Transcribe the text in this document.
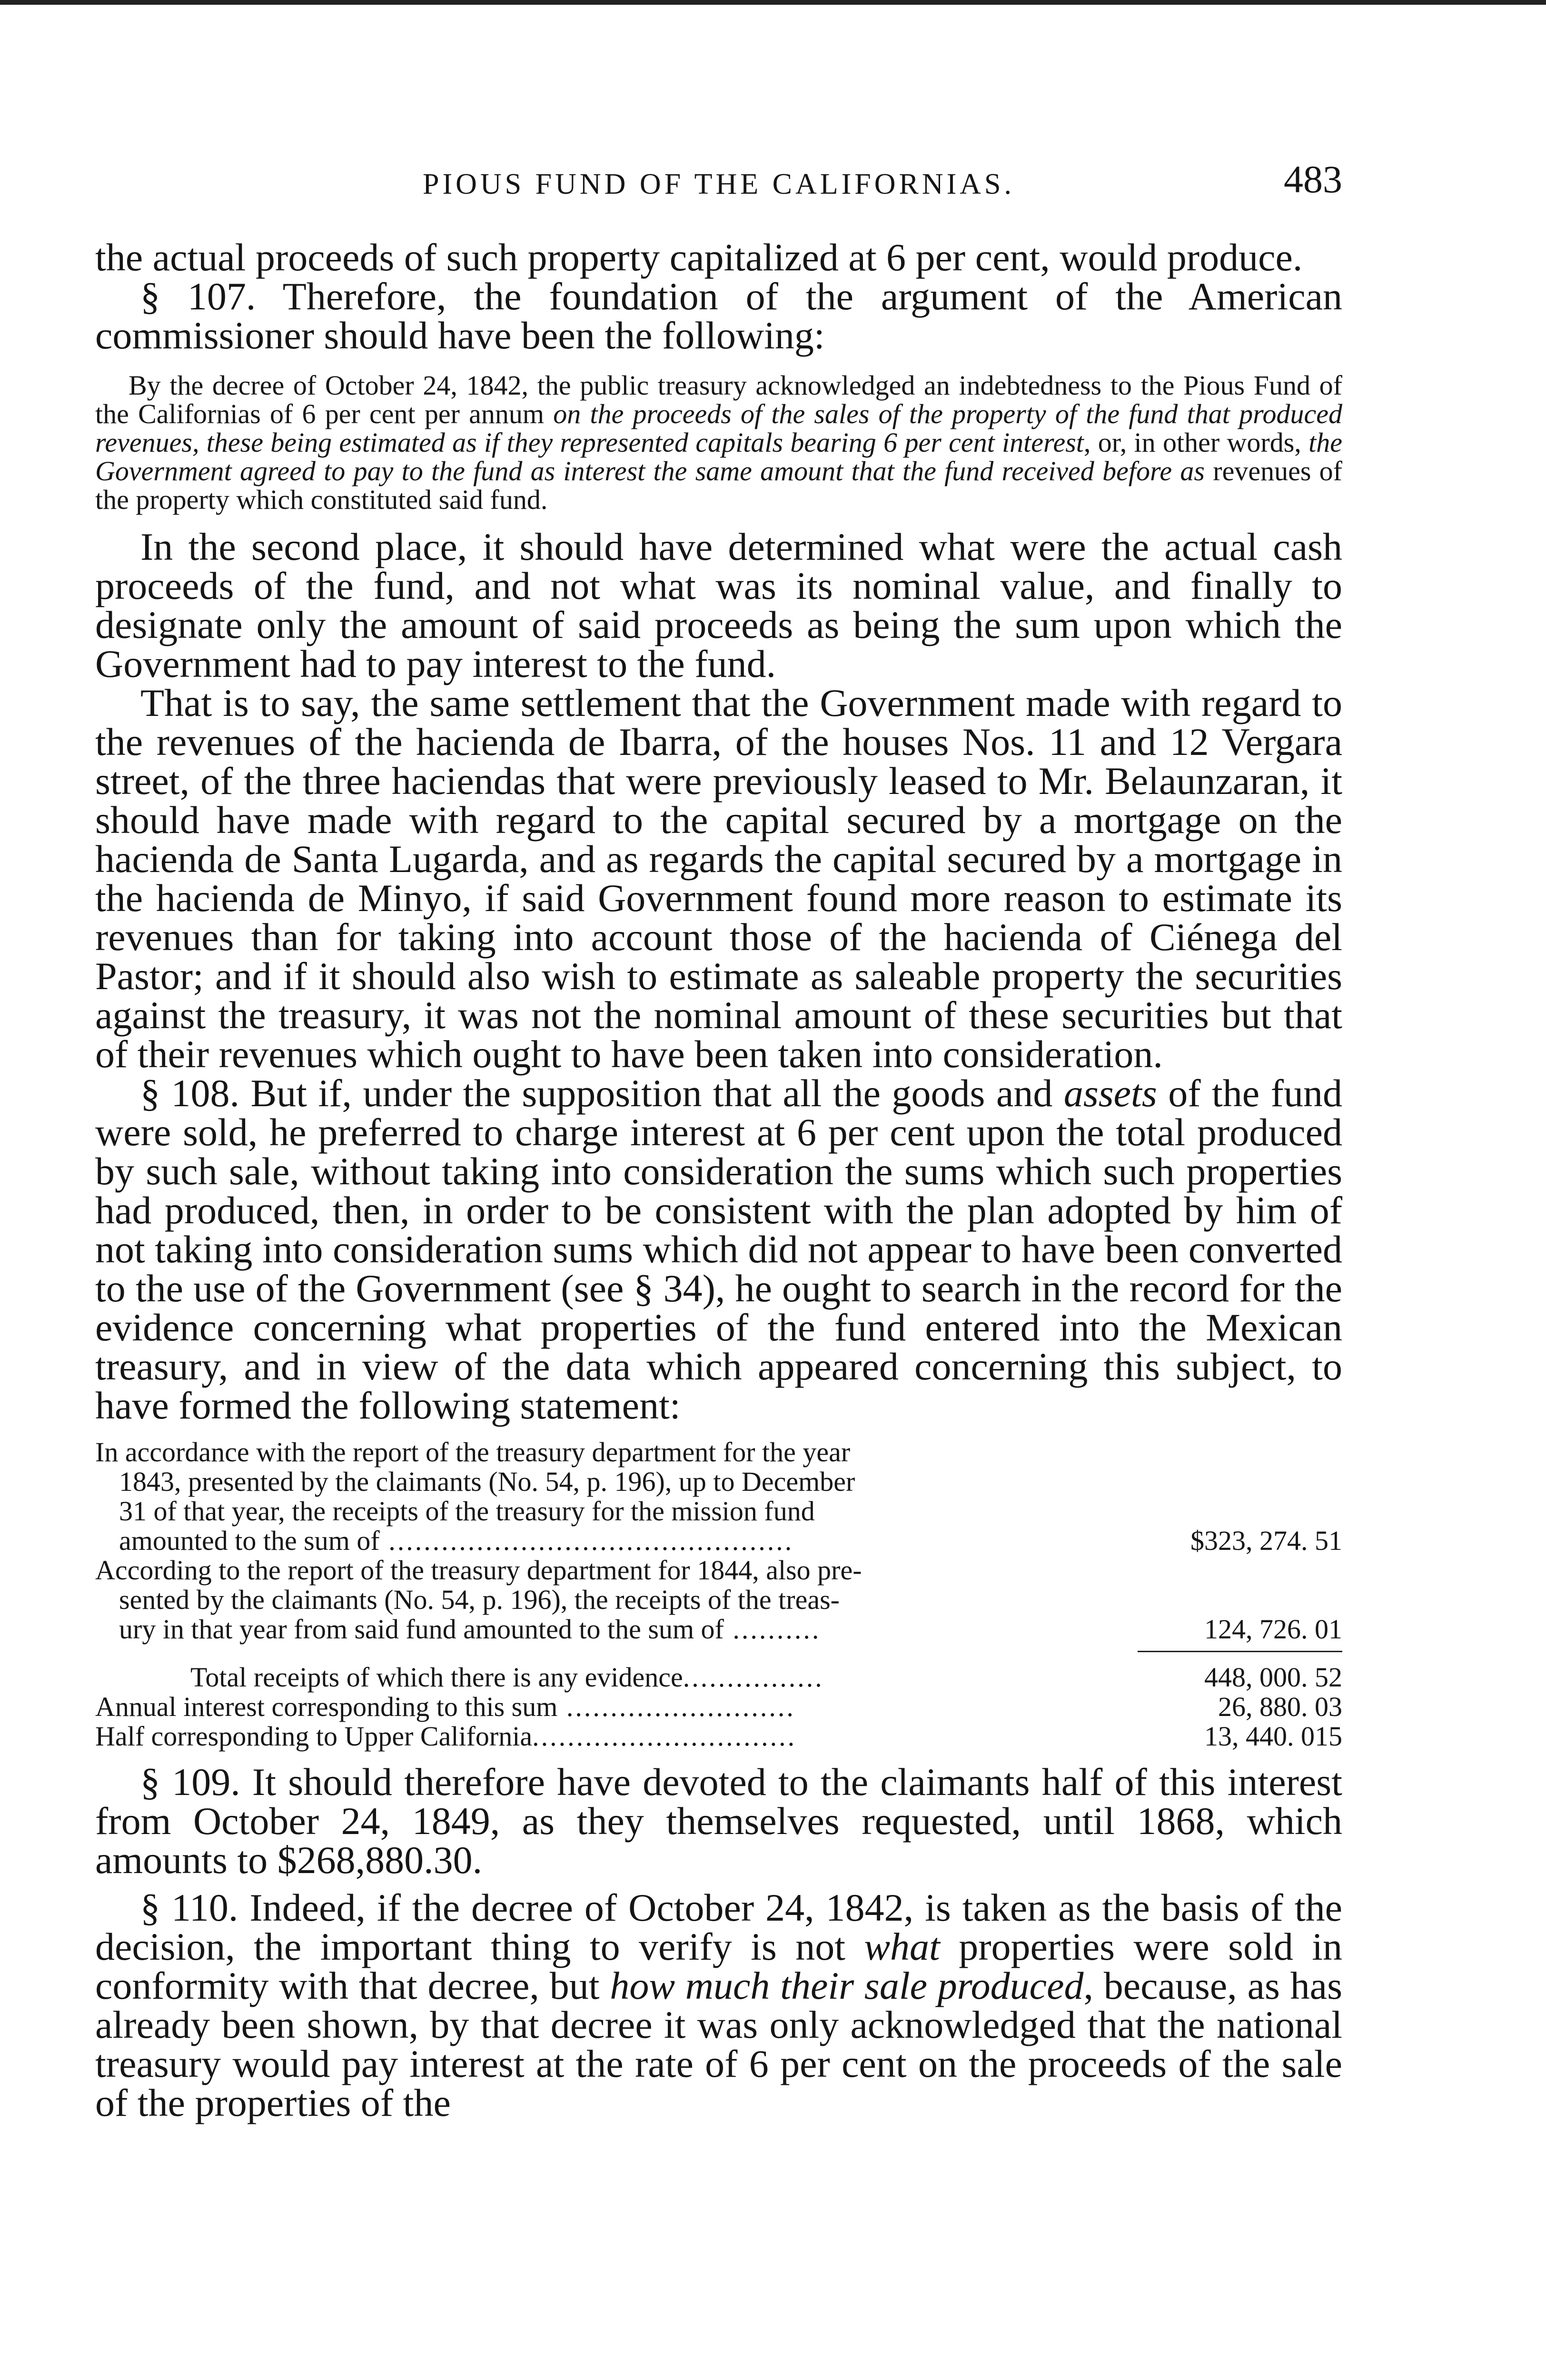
PIOUS FUND OF THE CALIFORNIAS.	483

the actual proceeds of such property capitalized at 6 per cent, would produce.

§ 107. Therefore, the foundation of the argument of the American commissioner should have been the following:

By the decree of October 24, 1842, the public treasury acknowledged an indebtedness to the Pious Fund of the Californias of 6 per cent per annum on the proceeds of the sales of the property of the fund that produced revenues, these being estimated as if they represented capitals bearing 6 per cent interest, or, in other words, the Government agreed to pay to the fund as interest the same amount that the fund received before as revenues of the property which constituted said fund.

In the second place, it should have determined what were the actual cash proceeds of the fund, and not what was its nominal value, and finally to designate only the amount of said proceeds as being the sum upon which the Government had to pay interest to the fund.

That is to say, the same settlement that the Government made with regard to the revenues of the hacienda de Ibarra, of the houses Nos. 11 and 12 Vergara street, of the three haciendas that were previously leased to Mr. Belaunzaran, it should have made with regard to the capital secured by a mortgage on the hacienda de Santa Lugarda, and as regards the capital secured by a mortgage in the hacienda de Minyo, if said Government found more reason to estimate its revenues than for taking into account those of the hacienda of Ciénega del Pastor; and if it should also wish to estimate as saleable property the securities against the treasury, it was not the nominal amount of these securities but that of their revenues which ought to have been taken into consideration.

§ 108. But if, under the supposition that all the goods and assets of the fund were sold, he preferred to charge interest at 6 per cent upon the total produced by such sale, without taking into consideration the sums which such properties had produced, then, in order to be consistent with the plan adopted by him of not taking into consideration sums which did not appear to have been converted to the use of the Government (see § 34), he ought to search in the record for the evidence concerning what properties of the fund entered into the Mexican treasury, and in view of the data which appeared concerning this subject, to have formed the following statement:

In accordance with the report of the treasury department for the year
1843, presented by the claimants (No. 54, p. 196), up to December
31 of that year, the receipts of the treasury for the mission fund
amounted to the sum of ..............................................	$323, 274. 51
According to the report of the treasury department for 1844, also pre-
sented by the claimants (No. 54, p. 196), the receipts of the treas-
ury in that year from said fund amounted to the sum of ..........	124, 726. 01
Total receipts of which there is any evidence................	448, 000. 52
Annual interest corresponding to this sum ..........................	26, 880. 03
Half corresponding to Upper California..............................	13, 440. 015

§ 109. It should therefore have devoted to the claimants half of this interest from October 24, 1849, as they themselves requested, until 1868, which amounts to $268,880.30.

§ 110. Indeed, if the decree of October 24, 1842, is taken as the basis of the decision, the important thing to verify is not what properties were sold in conformity with that decree, but how much their sale produced, because, as has already been shown, by that decree it was only acknowledged that the national treasury would pay interest at the rate of 6 per cent on the proceeds of the sale of the properties of the
